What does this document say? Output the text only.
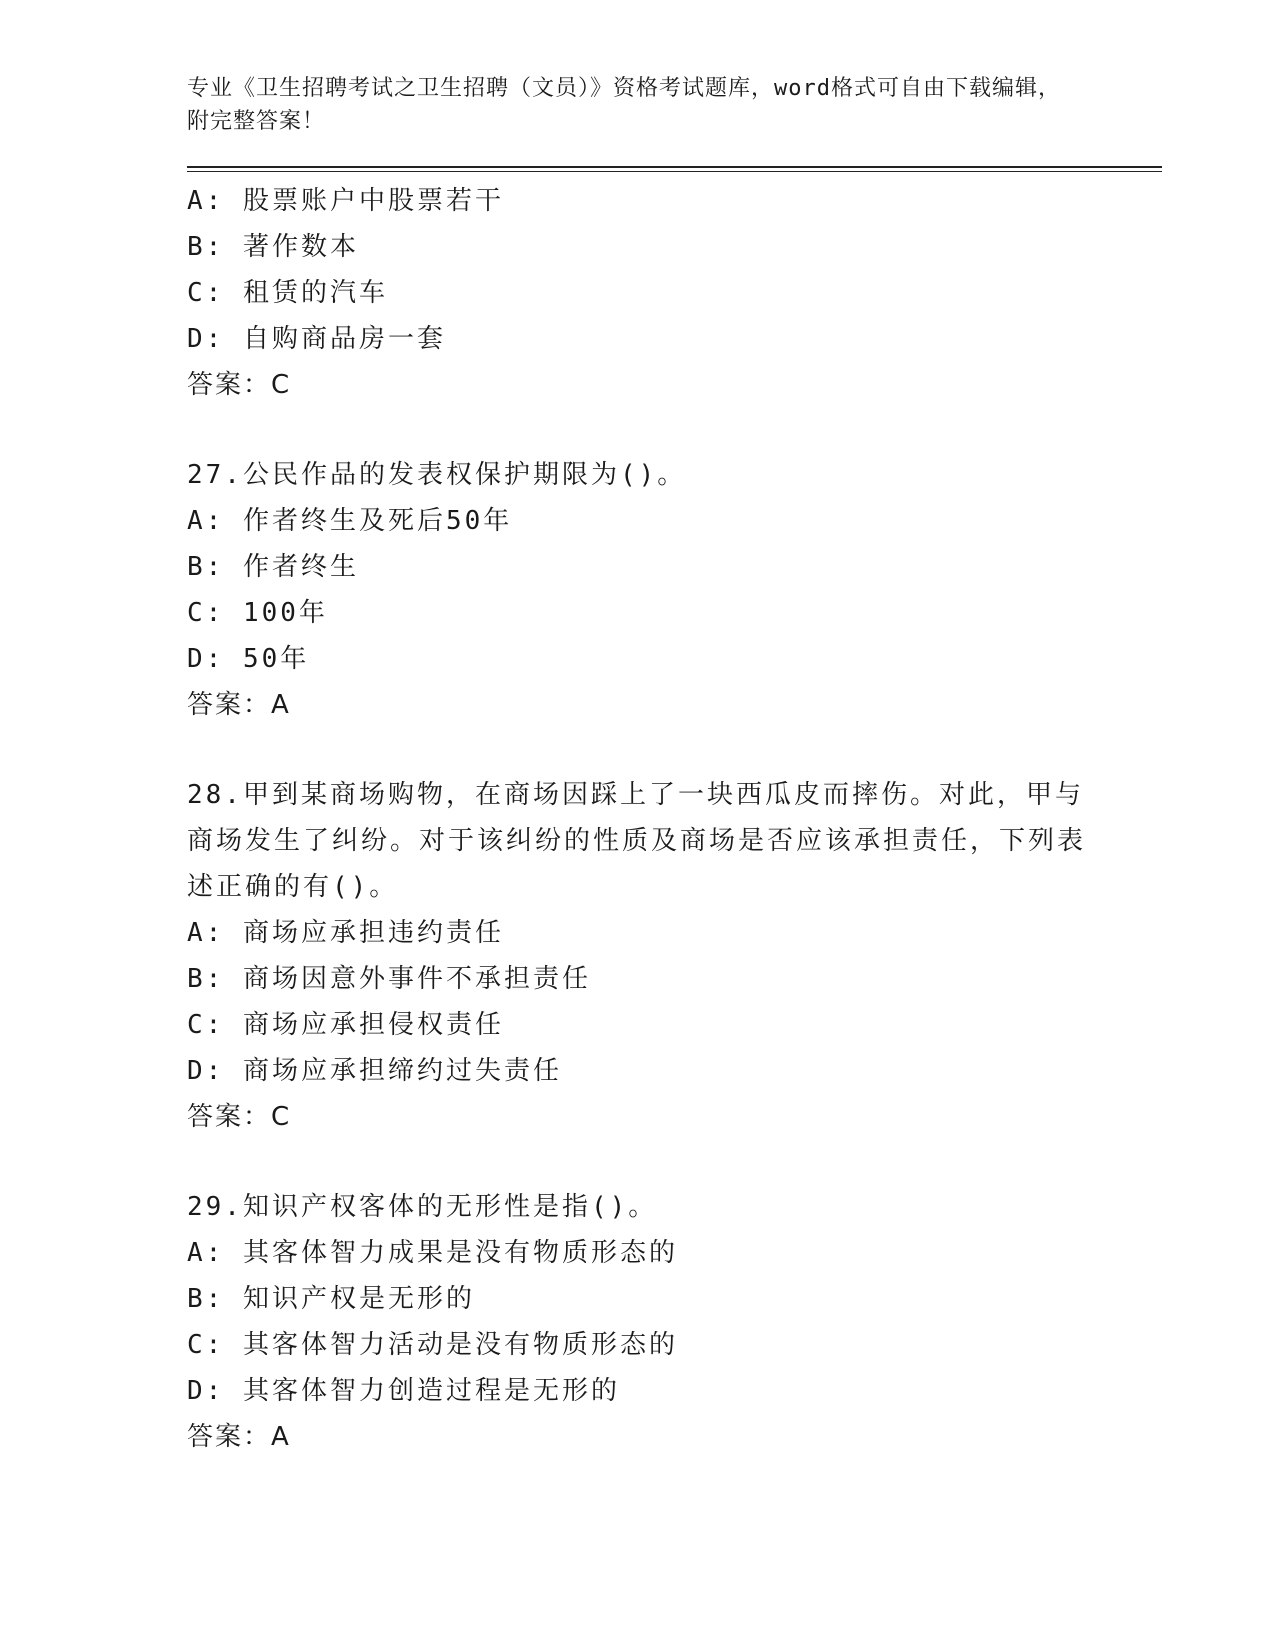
专业《卫生招聘考试之卫生招聘（文员）》资格考试题库，word格式可自由下载编辑，附完整答案！
A: 股票账户中股票若干
B: 著作数本
C: 租赁的汽车
D: 自购商品房一套
答案：C
27.公民作品的发表权保护期限为()。
A: 作者终生及死后50年
B: 作者终生
C: 100年
D: 50年
答案：A
28.甲到某商场购物，在商场因踩上了一块西瓜皮而摔伤。对此，甲与商场发生了纠纷。对于该纠纷的性质及商场是否应该承担责任，下列表述正确的有()。
A: 商场应承担违约责任
B: 商场因意外事件不承担责任
C: 商场应承担侵权责任
D: 商场应承担缔约过失责任
答案：C
29.知识产权客体的无形性是指()。
A: 其客体智力成果是没有物质形态的
B: 知识产权是无形的
C: 其客体智力活动是没有物质形态的
D: 其客体智力创造过程是无形的
答案：A
